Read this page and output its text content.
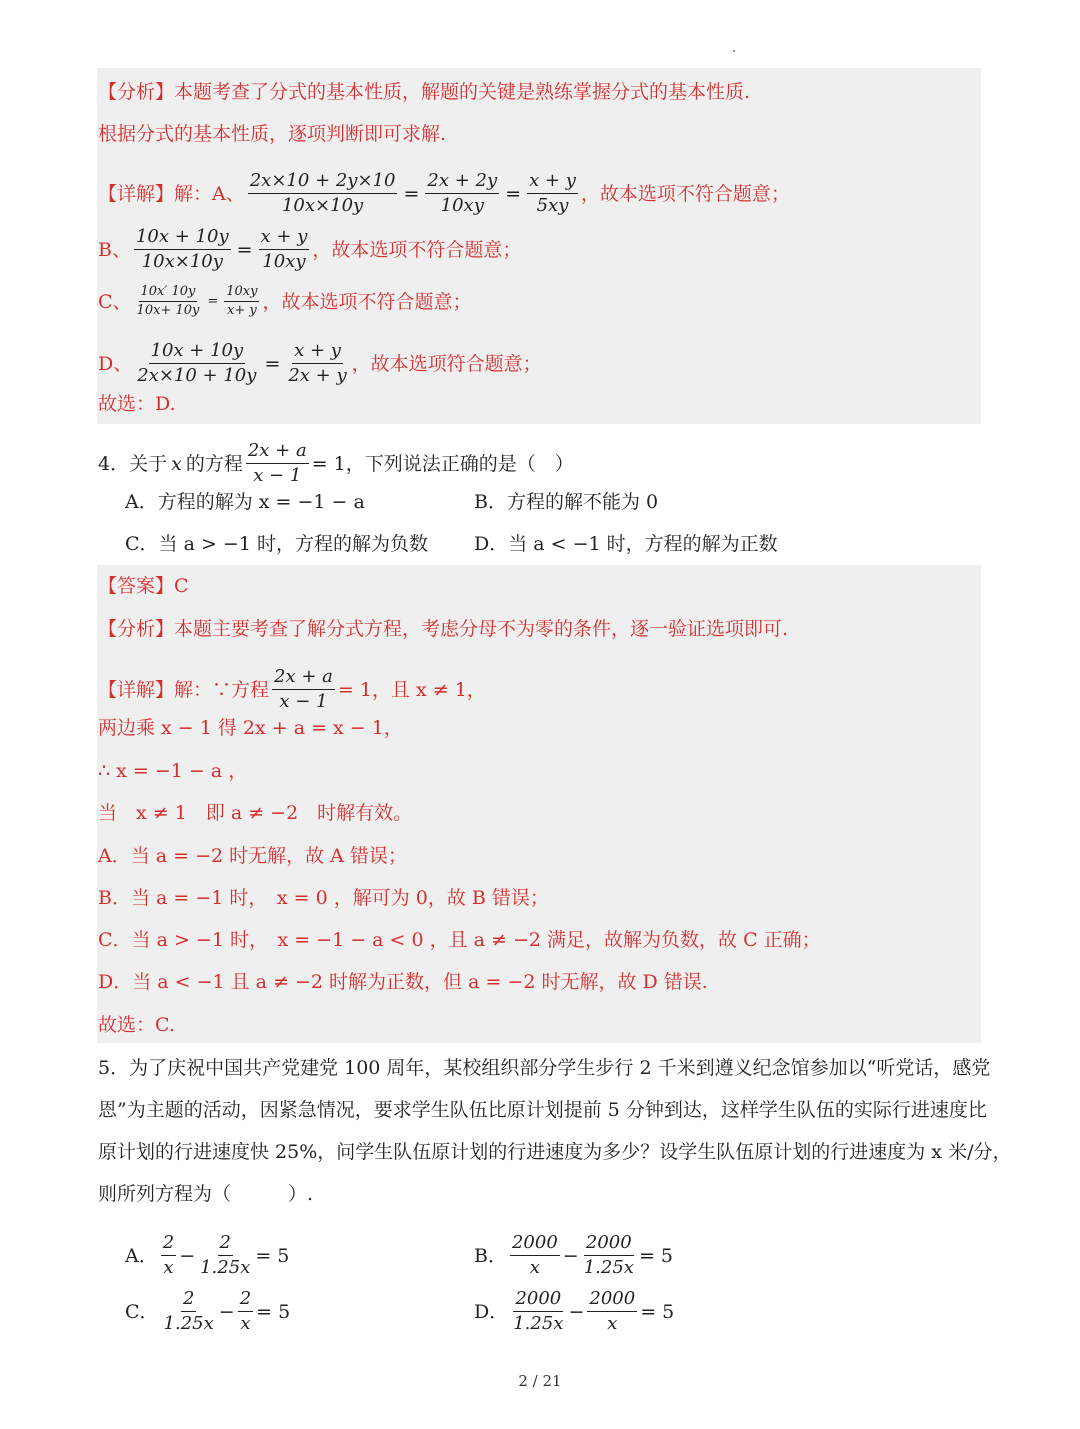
【分析】本题考查了分式的基本性质，解题的关键是熟练掌握分式的基本性质.
根据分式的基本性质，逐项判断即可求解.
【详解】解：A、 $\frac{2x\times 10 + 2y\times 10}{10x\times 10y} = \frac{2x + 2y}{10xy} = \frac{x + y}{5xy}$ ，故本选项不符合题意；
B、 $\frac{10x + 10y}{10x\times 10y} = \frac{x + y}{10xy}$ ，故本选项不符合题意；
C、 $\frac{10x' 10y}{10x+ 10y} = \frac{10xy}{x+ y}$ ，故本选项不符合题意；
D、 $\frac{10x + 10y}{2x\times 10 + 10y} = \frac{x + y}{2x + y}$ ，故本选项符合题意；
故选：D.
4．关于 x 的方程 $\frac{2x + a}{x - 1} = 1$ ，下列说法正确的是（　）
A．方程的解为 x = −1 − a	B．方程的解不能为 0
C．当 a > −1 时，方程的解为负数 D．当 a < −1 时，方程的解为正数
【答案】C
【分析】本题主要考查了解分式方程，考虑分母不为零的条件，逐一验证选项即可.
【详解】解：∵方程 $\frac{2x + a}{x - 1} = 1$，且 x ≠ 1，
两边乘 x − 1 得 2x + a = x − 1，
∴ x = −1 − a ，
当　x ≠ 1　即 a ≠ −2　时解有效。
A．当 a = −2 时无解，故 A 错误；
B．当 a = −1 时，　x = 0 ，解可为 0，故 B 错误；
C．当 a > −1 时，　x = −1 − a < 0 ，且 a ≠ −2 满足，故解为负数，故 C 正确；
D．当 a < −1 且 a ≠ −2 时解为正数，但 a = −2 时无解，故 D 错误.
故选：C.
5．为了庆祝中国共产党建党 100 周年，某校组织部分学生步行 2 千米到遵义纪念馆参加以“听党话，感党
恩”为主题的活动，因紧急情况，要求学生队伍比原计划提前 5 分钟到达，这样学生队伍的实际行进速度比
原计划的行进速度快 25%，问学生队伍原计划的行进速度为多少？设学生队伍原计划的行进速度为 x 米/分，
则所列方程为（　　　）.
A． $\frac{2}{x} - \frac{2}{1.25x} = 5$	B． $\frac{2000}{x} - \frac{2000}{1.25x} = 5$
C． $\frac{2}{1.25x} - \frac{2}{x} = 5$	D． $\frac{2000}{1.25x} - \frac{2000}{x} = 5$
2 / 21
